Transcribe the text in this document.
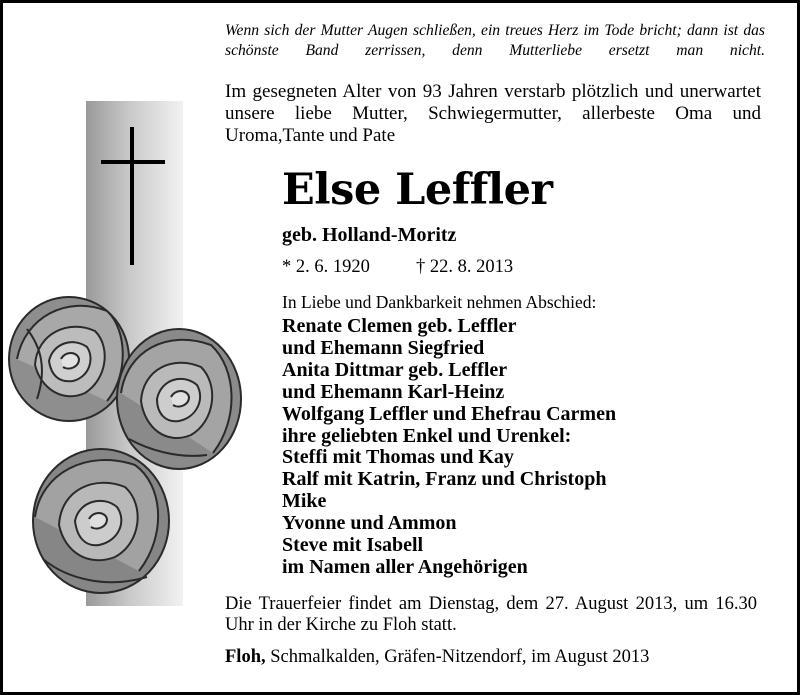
Wenn sich der Mutter Augen schließen, ein treues Herz im Tode bricht; dann ist das schönste Band zerrissen, denn Mutterliebe ersetzt man nicht.
Im gesegneten Alter von 93 Jahren verstarb plötzlich und unerwartet unsere liebe Mutter, Schwiegermutter, allerbeste Oma und Uroma,Tante und Pate
Else Leffler
geb. Holland-Moritz
* 2. 6. 1920 † 22. 8. 2013
In Liebe und Dankbarkeit nehmen Abschied:
Renate Clemen geb. Leffler
und Ehemann Siegfried
Anita Dittmar geb. Leffler
und Ehemann Karl-Heinz
Wolfgang Leffler und Ehefrau Carmen
ihre geliebten Enkel und Urenkel:
Steffi mit Thomas und Kay
Ralf mit Katrin, Franz und Christoph
Mike
Yvonne und Ammon
Steve mit Isabell
im Namen aller Angehörigen
Die Trauerfeier findet am Dienstag, dem 27. August 2013, um 16.30 Uhr in der Kirche zu Floh statt.
Floh, Schmalkalden, Gräfen-Nitzendorf, im August 2013
